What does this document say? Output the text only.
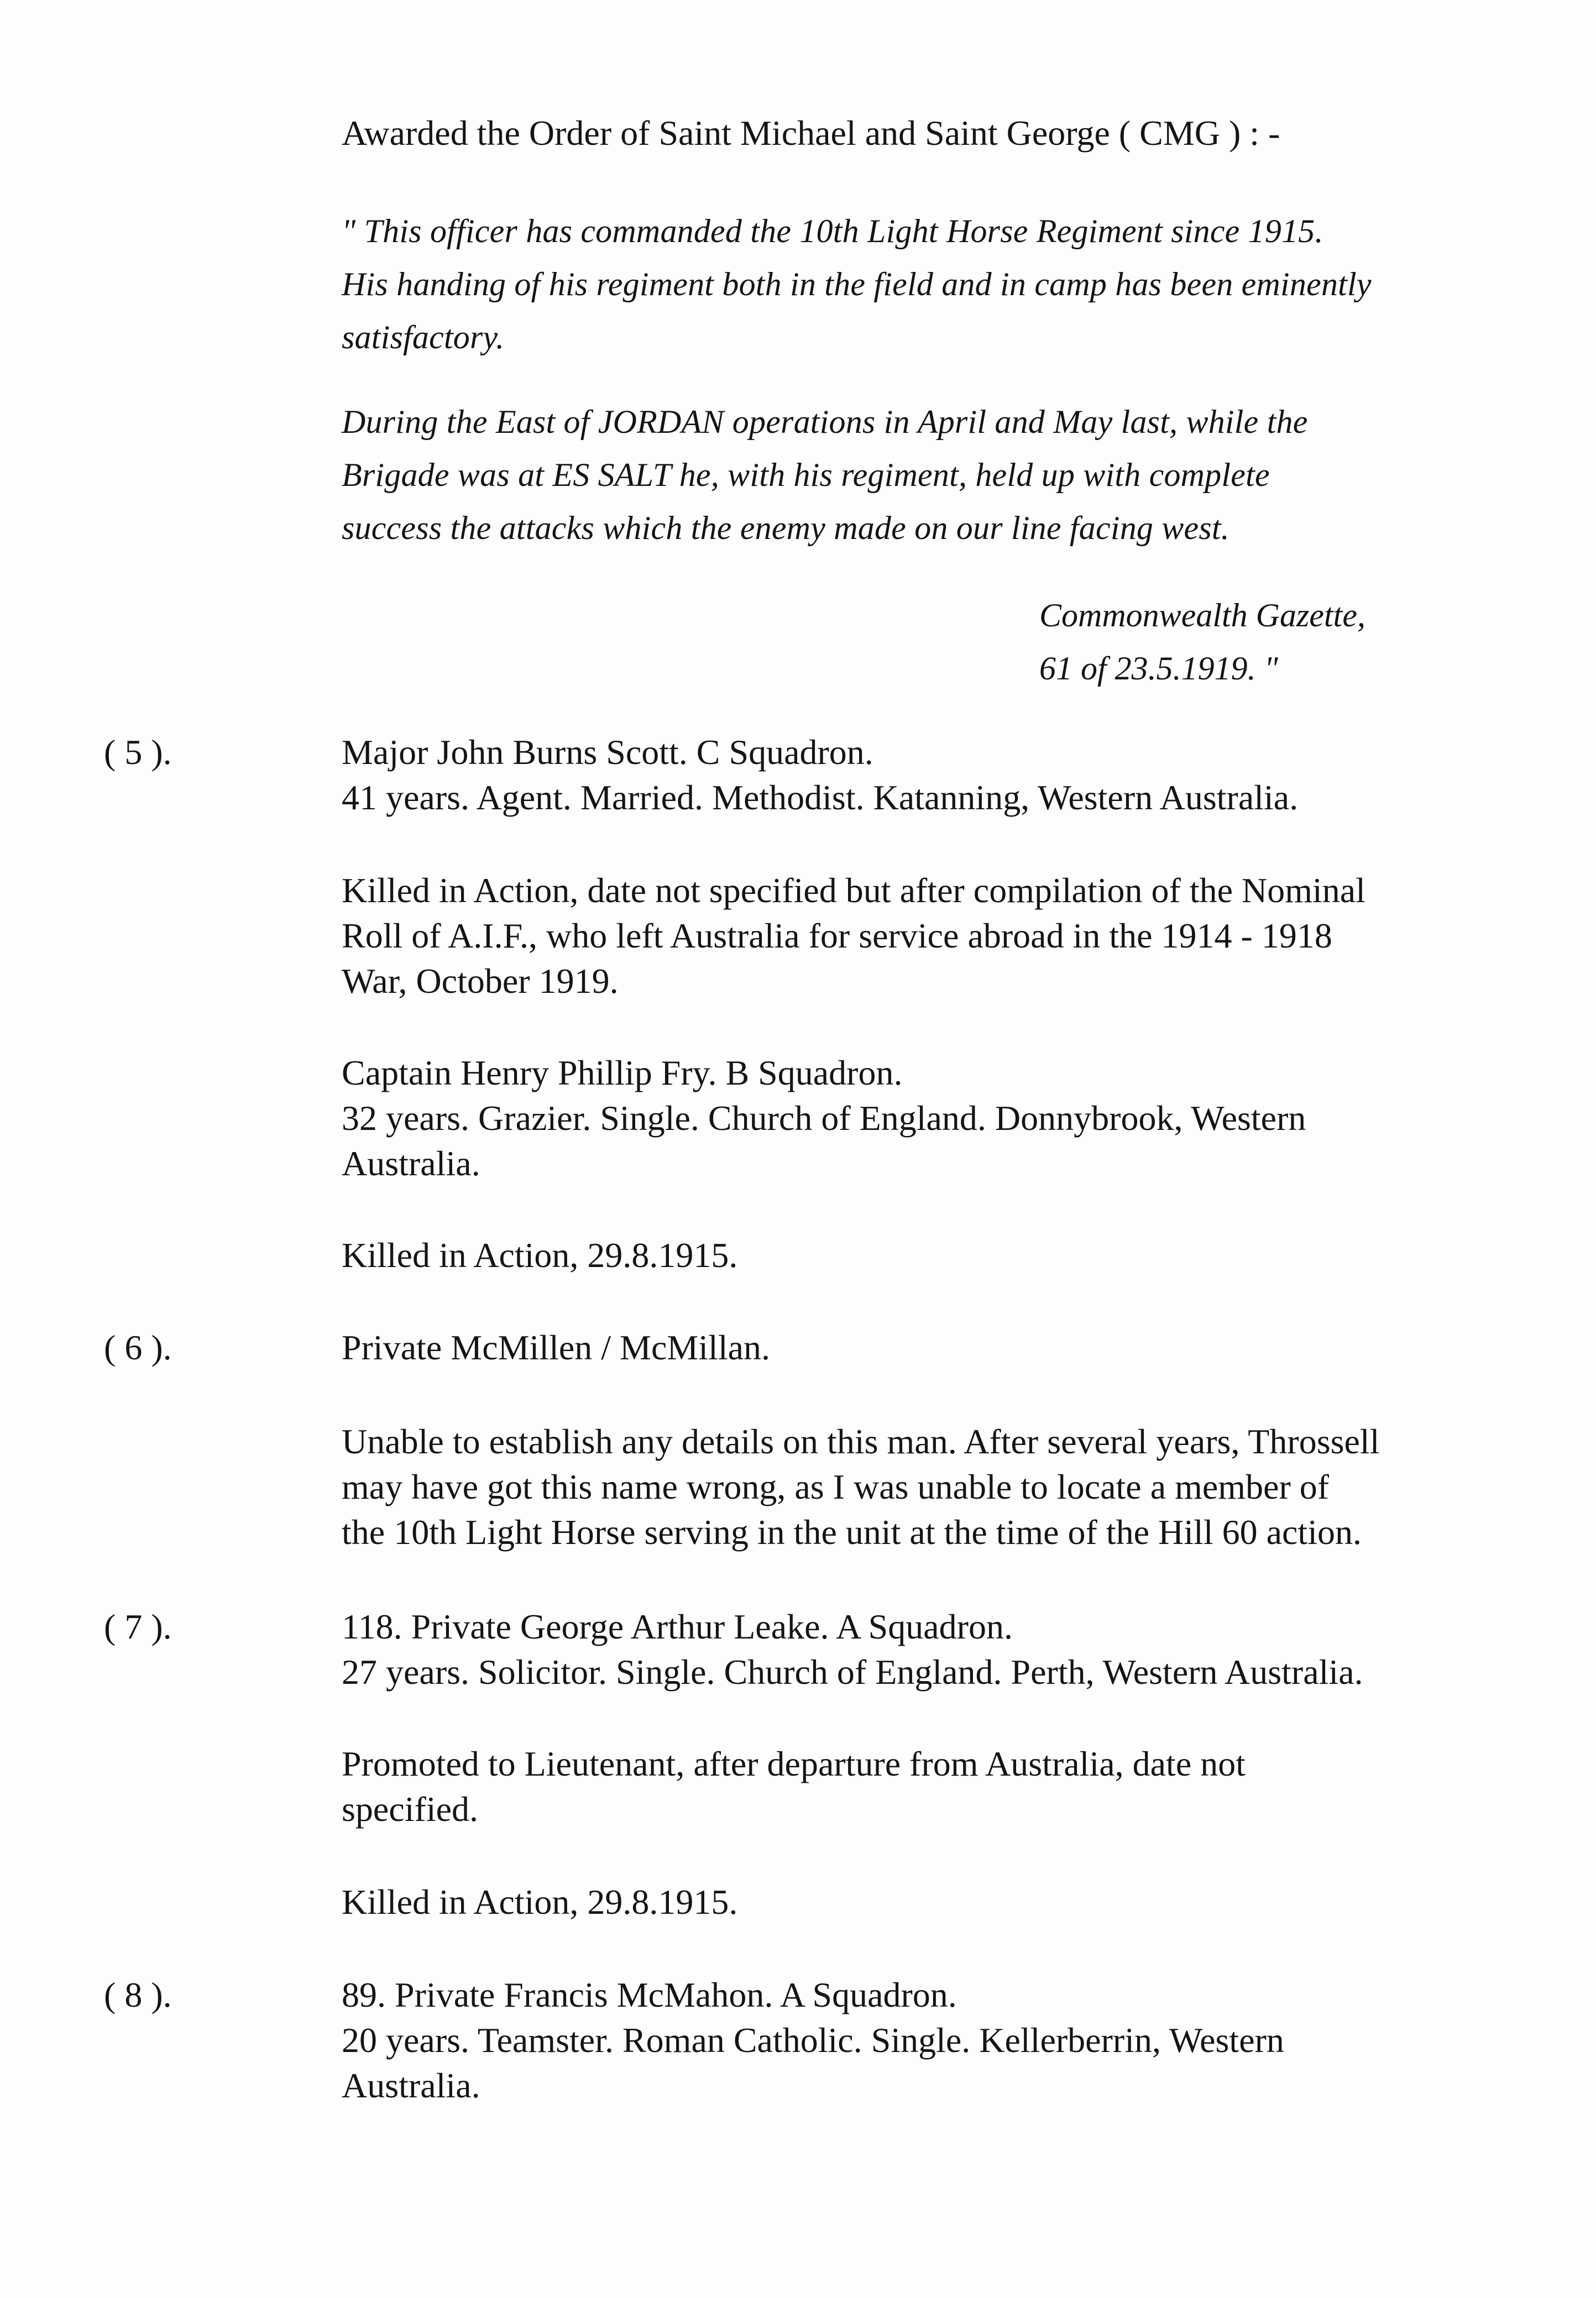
Awarded the Order of Saint Michael and Saint George ( CMG ) : -
" This officer has commanded the 10th Light Horse Regiment since 1915.
His handing of his regiment both in the field and in camp has been eminently
satisfactory.
During the East of JORDAN operations in April and May last, while the
Brigade was at ES SALT he, with his regiment, held up with complete
success the attacks which the enemy made on our line facing west.
Commonwealth Gazette,
61 of 23.5.1919. "
( 5 ).	Major John Burns Scott. C Squadron.
41 years. Agent. Married. Methodist. Katanning, Western Australia.
Killed in Action, date not specified but after compilation of the Nominal
Roll of A.I.F., who left Australia for service abroad in the 1914 - 1918
War, October 1919.
Captain Henry Phillip Fry. B Squadron.
32 years. Grazier. Single. Church of England. Donnybrook, Western
Australia.
Killed in Action, 29.8.1915.
( 6 ).	Private McMillen / McMillan.
Unable to establish any details on this man. After several years, Throssell
may have got this name wrong, as I was unable to locate a member of
the 10th Light Horse serving in the unit at the time of the Hill 60 action.
( 7 ).	118. Private George Arthur Leake. A Squadron.
27 years. Solicitor. Single. Church of England. Perth, Western Australia.
Promoted to Lieutenant, after departure from Australia, date not
specified.
Killed in Action, 29.8.1915.
( 8 ).	89. Private Francis McMahon. A Squadron.
20 years. Teamster. Roman Catholic. Single. Kellerberrin, Western
Australia.
